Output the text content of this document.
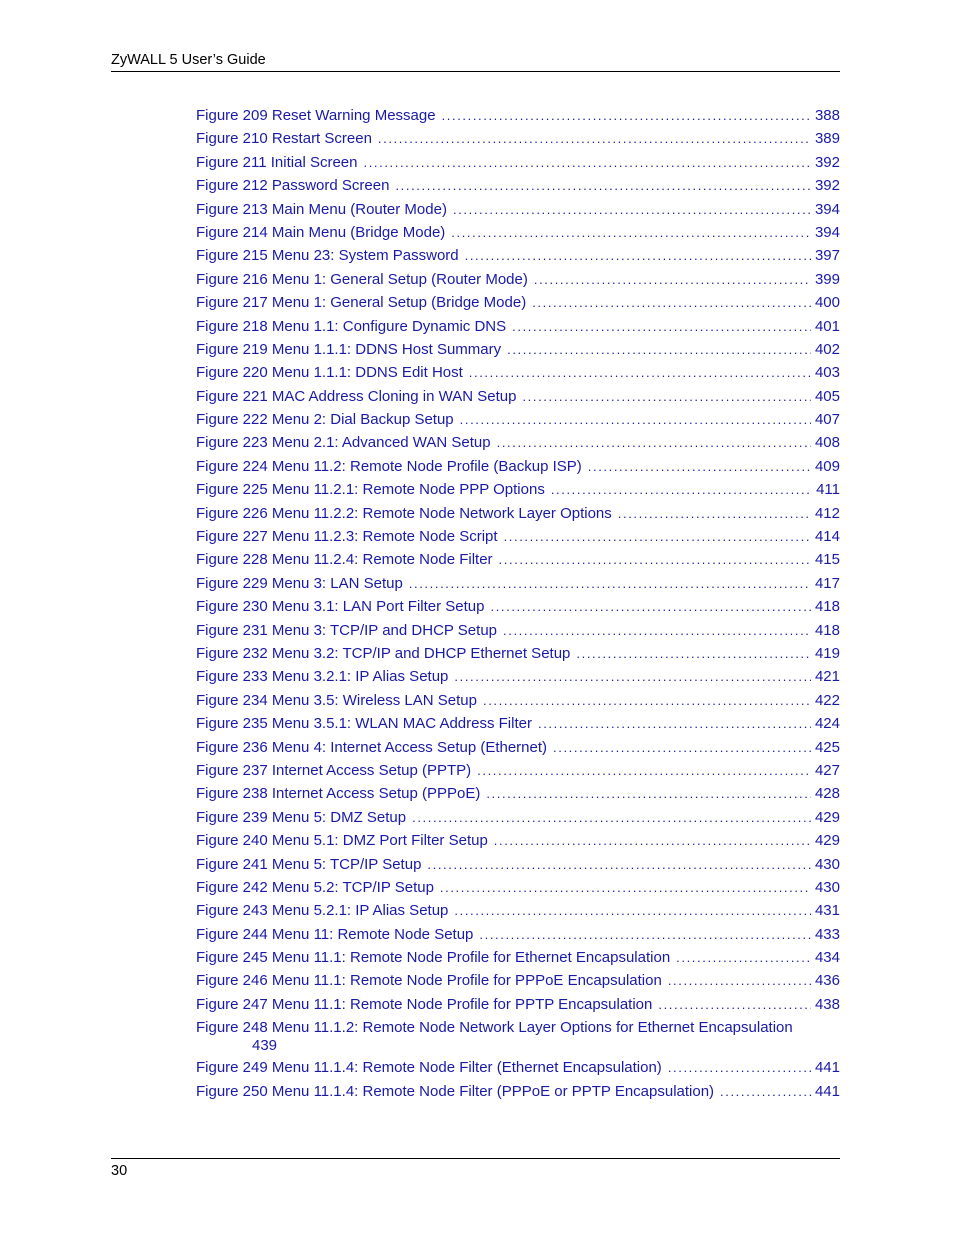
ZyWALL 5 User’s Guide
Figure 209 Reset Warning Message .....	388
Figure 210 Restart Screen .....	389
Figure 211 Initial Screen .....	392
Figure 212 Password Screen .....	392
Figure 213 Main Menu (Router Mode) .....	394
Figure 214 Main Menu (Bridge Mode) .....	394
Figure 215 Menu 23: System Password .....	397
Figure 216 Menu 1: General Setup (Router Mode) .....	399
Figure 217 Menu 1: General Setup (Bridge Mode) .....	400
Figure 218 Menu 1.1: Configure Dynamic DNS .....	401
Figure 219 Menu 1.1.1: DDNS Host Summary .....	402
Figure 220 Menu 1.1.1: DDNS Edit Host .....	403
Figure 221 MAC Address Cloning in WAN Setup .....	405
Figure 222 Menu 2: Dial Backup Setup .....	407
Figure 223 Menu 2.1: Advanced WAN Setup .....	408
Figure 224 Menu 11.2: Remote Node Profile (Backup ISP) .....	409
Figure 225 Menu 11.2.1: Remote Node PPP Options .....	411
Figure 226 Menu 11.2.2: Remote Node Network Layer Options .....	412
Figure 227 Menu 11.2.3: Remote Node Script .....	414
Figure 228 Menu 11.2.4: Remote Node Filter .....	415
Figure 229 Menu 3: LAN Setup .....	417
Figure 230 Menu 3.1: LAN Port Filter Setup .....	418
Figure 231 Menu 3: TCP/IP and DHCP Setup .....	418
Figure 232 Menu 3.2: TCP/IP and DHCP Ethernet Setup .....	419
Figure 233 Menu 3.2.1: IP Alias Setup .....	421
Figure 234 Menu 3.5: Wireless LAN Setup .....	422
Figure 235 Menu 3.5.1: WLAN MAC Address Filter .....	424
Figure 236 Menu 4: Internet Access Setup (Ethernet) .....	425
Figure 237 Internet Access Setup (PPTP) .....	427
Figure 238 Internet Access Setup (PPPoE) .....	428
Figure 239 Menu 5: DMZ Setup .....	429
Figure 240 Menu 5.1: DMZ Port Filter Setup .....	429
Figure 241 Menu 5: TCP/IP Setup .....	430
Figure 242 Menu 5.2: TCP/IP Setup .....	430
Figure 243 Menu 5.2.1: IP Alias Setup .....	431
Figure 244 Menu 11: Remote Node Setup .....	433
Figure 245 Menu 11.1: Remote Node Profile for Ethernet Encapsulation .....	434
Figure 246 Menu 11.1: Remote Node Profile for PPPoE Encapsulation .....	436
Figure 247 Menu 11.1: Remote Node Profile for PPTP Encapsulation .....	438
Figure 248 Menu 11.1.2: Remote Node Network Layer Options for Ethernet Encapsulation
439
Figure 249 Menu 11.1.4: Remote Node Filter (Ethernet Encapsulation) .....	441
Figure 250 Menu 11.1.4: Remote Node Filter (PPPoE or PPTP Encapsulation) .....	441
30
